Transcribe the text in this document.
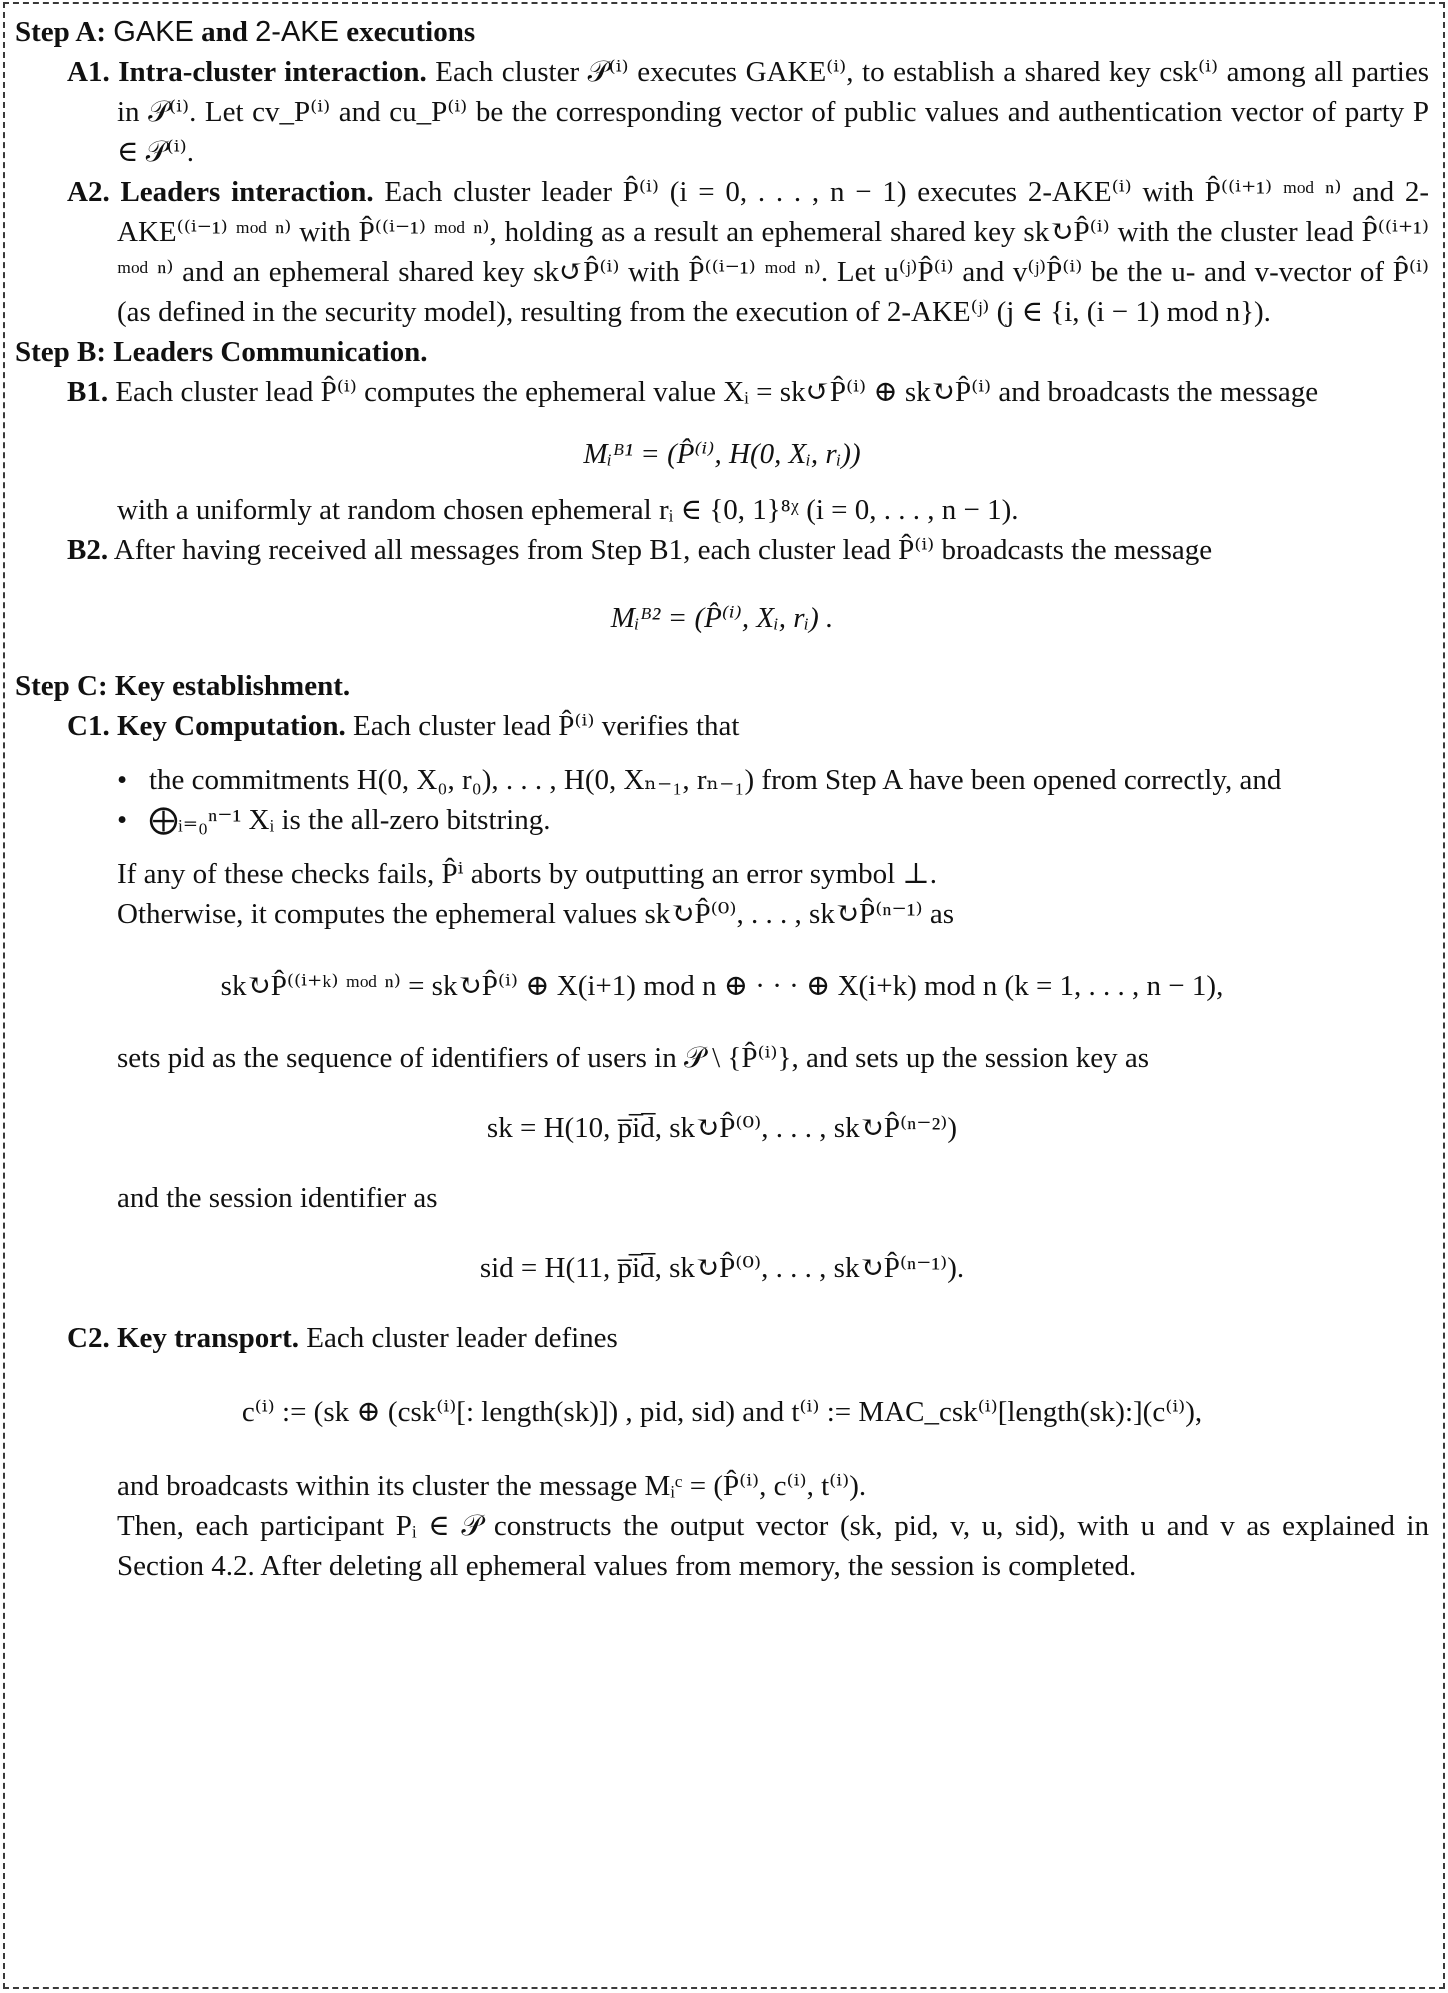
Step A: GAKE and 2-AKE executions

A1. Intra-cluster interaction. Each cluster 𝒫⁽ⁱ⁾ executes GAKE⁽ⁱ⁾, to establish a shared key csk⁽ⁱ⁾ among all parties in 𝒫⁽ⁱ⁾. Let cv_P⁽ⁱ⁾ and cu_P⁽ⁱ⁾ be the corresponding vector of public values and authentication vector of party P ∈ 𝒫⁽ⁱ⁾.
A2. Leaders interaction. Each cluster leader P̂⁽ⁱ⁾ (i = 0, . . . , n − 1) executes 2-AKE⁽ⁱ⁾ with P̂⁽⁽ⁱ⁺¹⁾ ᵐᵒᵈ ⁿ⁾ and 2-AKE⁽⁽ⁱ⁻¹⁾ ᵐᵒᵈ ⁿ⁾ with P̂⁽⁽ⁱ⁻¹⁾ ᵐᵒᵈ ⁿ⁾, holding as a result an ephemeral shared key sk↻P̂⁽ⁱ⁾ with the cluster lead P̂⁽⁽ⁱ⁺¹⁾ ᵐᵒᵈ ⁿ⁾ and an ephemeral shared key sk↺P̂⁽ⁱ⁾ with P̂⁽⁽ⁱ⁻¹⁾ ᵐᵒᵈ ⁿ⁾. Let u⁽ʲ⁾P̂⁽ⁱ⁾ and v⁽ʲ⁾P̂⁽ⁱ⁾ be the u- and v-vector of P̂⁽ⁱ⁾ (as defined in the security model), resulting from the execution of 2-AKE⁽ʲ⁾ (j ∈ {i, (i − 1) mod n}).

Step B: Leaders Communication.

B1. Each cluster lead P̂⁽ⁱ⁾ computes the ephemeral value Xᵢ = sk↺P̂⁽ⁱ⁾ ⊕ sk↻P̂⁽ⁱ⁾ and broadcasts the message

Mᵢᴮ¹ = (P̂⁽ⁱ⁾, H(0, Xᵢ, rᵢ))

with a uniformly at random chosen ephemeral rᵢ ∈ {0, 1}⁸ᵡ (i = 0, . . . , n − 1).
B2. After having received all messages from Step B1, each cluster lead P̂⁽ⁱ⁾ broadcasts the message

Mᵢᴮ² = (P̂⁽ⁱ⁾, Xᵢ, rᵢ) .

Step C: Key establishment.

C1. Key Computation. Each cluster lead P̂⁽ⁱ⁾ verifies that
• the commitments H(0, X₀, r₀), . . . , H(0, Xₙ₋₁, rₙ₋₁) from Step A have been opened correctly, and
• ⨁ᵢ₌₀ⁿ⁻¹ Xᵢ is the all-zero bitstring.
If any of these checks fails, P̂ⁱ aborts by outputting an error symbol ⊥.
Otherwise, it computes the ephemeral values sk↻P̂⁽⁰⁾, . . . , sk↻P̂⁽ⁿ⁻¹⁾ as

sk↻P̂⁽⁽ⁱ⁺ᵏ⁾ ᵐᵒᵈ ⁿ⁾ = sk↻P̂⁽ⁱ⁾ ⊕ X(i+1) mod n ⊕ · · · ⊕ X(i+k) mod n (k = 1, . . . , n − 1),

sets pid as the sequence of identifiers of users in 𝒫 \ {P̂⁽ⁱ⁾}, and sets up the session key as

sk = H(10, p̅i̅d̅, sk↻P̂⁽⁰⁾, . . . , sk↻P̂⁽ⁿ⁻²⁾)

and the session identifier as

sid = H(11, p̅i̅d̅, sk↻P̂⁽⁰⁾, . . . , sk↻P̂⁽ⁿ⁻¹⁾).

C2. Key transport. Each cluster leader defines

c⁽ⁱ⁾ := (sk ⊕ (csk⁽ⁱ⁾[: length(sk)]) , pid, sid) and t⁽ⁱ⁾ := MAC_csk⁽ⁱ⁾[length(sk):](c⁽ⁱ⁾),

and broadcasts within its cluster the message Mᵢᶜ = (P̂⁽ⁱ⁾, c⁽ⁱ⁾, t⁽ⁱ⁾).
Then, each participant Pᵢ ∈ 𝒫 constructs the output vector (sk, pid, v, u, sid), with u and v as explained in Section 4.2. After deleting all ephemeral values from memory, the session is completed.
